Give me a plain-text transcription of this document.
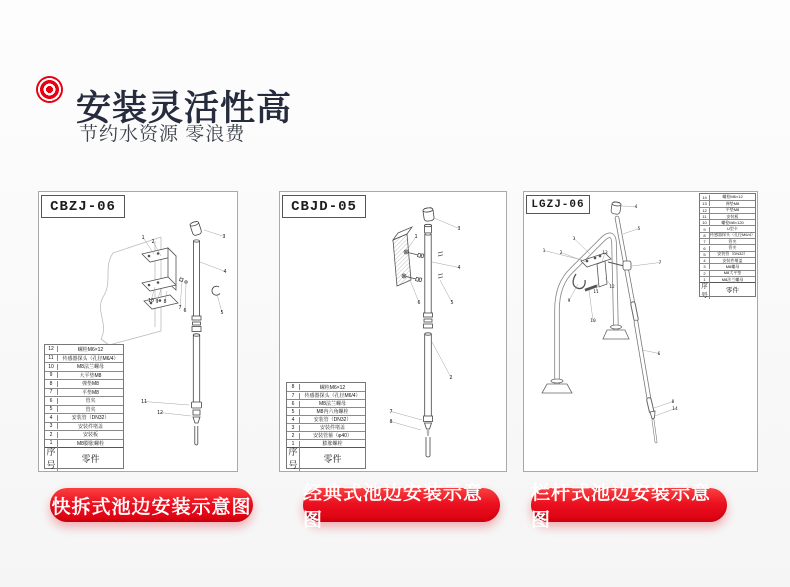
安装灵活性高
节约水资源 零浪费
1
2
3
4
5
6
7
8
9
10
11
12
CBZJ-06
12	螺栓M6×12
11	传感器探头（孔径M6/4）
10	M8法兰螺母
9	大平垫M8
8	弹垫M8
7	平垫M8
6	管夹
5	管夹
4	安装管（DN32）
3	安装件堵盖
2	安装板
1	M8膨胀螺栓
序号
零件
1
3
4
5
6
2
7
8
CBJD-05
8	螺栓M6×12
7	传感器探头（孔径M6/4）
6	M8法兰螺母
5	M8内六角螺栓
4	安装管（DN32）
3	安装件堵盖
2	安装管箍（φ40）
1	膨胀螺栓
序号
零件
1	2
3
4
5
13
7
12
11
9
10
6
8
14
LGZJ-06
14	螺栓M6×12
13	弹垫M8
12	平垫M8
11	安装板
10	螺栓M8×120
9	U型卡
8	传感器探头（孔径M6/4）
7	管夹
6	管夹
5	安装管（DN32）
4	安装件堵盖
3	M8螺母
2	M8大平垫
1	M8法兰螺母
序号
零件
快拆式池边安装示意图
经典式池边安装示意图
栏杆式池边安装示意图
